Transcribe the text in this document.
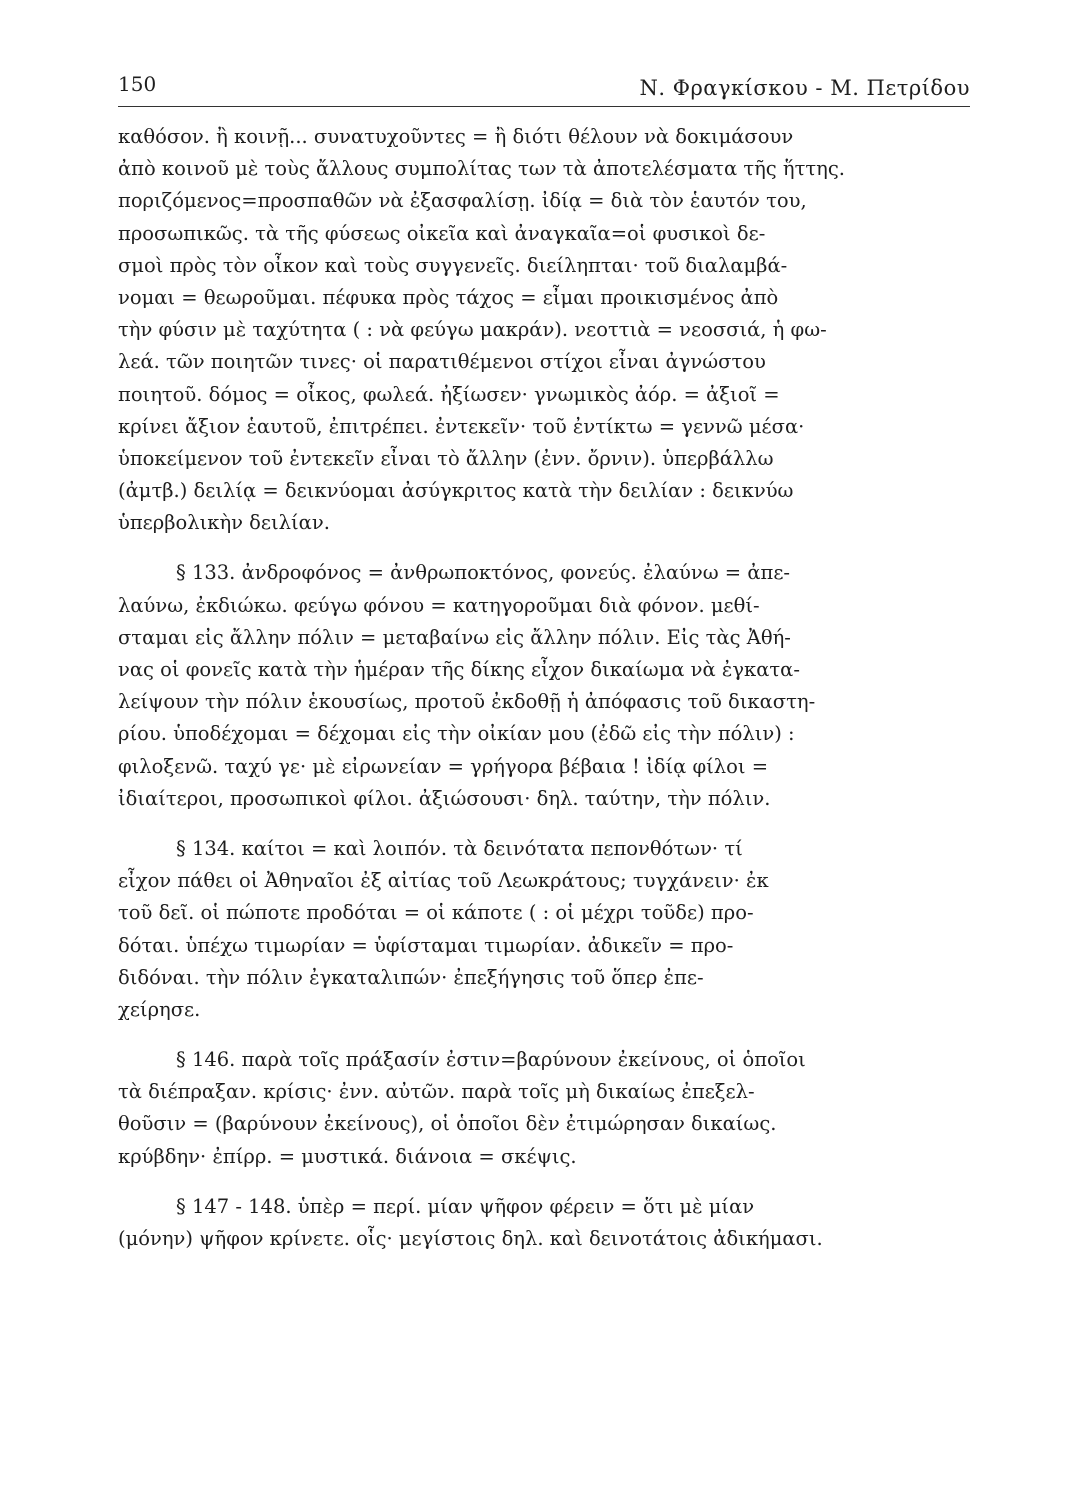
150	Ν. Φραγκίσκου - Μ. Πετρίδου
καθόσον. ἢ κοινῇ... συνατυχοῦντες = ἢ διότι θέλουν νὰ δοκιμάσουν
ἀπὸ κοινοῦ μὲ τοὺς ἄλλους συμπολίτας των τὰ ἀποτελέσματα τῆς ἥττης.
ποριζόμενος=προσπαθῶν νὰ ἐξασφαλίσῃ. ἰδίᾳ = διὰ τὸν ἑαυτόν του,
προσωπικῶς. τὰ τῆς φύσεως οἰκεῖα καὶ ἀναγκαῖα=οἱ φυσικοὶ δε-
σμοὶ πρὸς τὸν οἶκον καὶ τοὺς συγγενεῖς. διείληπται· τοῦ διαλαμβά-
νομαι = θεωροῦμαι. πέφυκα πρὸς τάχος = εἶμαι προικισμένος ἀπὸ
τὴν φύσιν μὲ ταχύτητα ( : νὰ φεύγω μακράν). νεοττιὰ = νεοσσιά, ἡ φω-
λεά. τῶν ποιητῶν τινες· οἱ παρατιθέμενοι στίχοι εἶναι ἀγνώστου
ποιητοῦ. δόμος = οἶκος, φωλεά. ἠξίωσεν· γνωμικὸς ἀόρ. = ἀξιοῖ =
κρίνει ἄξιον ἑαυτοῦ, ἐπιτρέπει. ἐντεκεῖν· τοῦ ἐντίκτω = γεννῶ μέσα·
ὑποκείμενον τοῦ ἐντεκεῖν εἶναι τὸ ἄλλην (ἐνν. ὄρνιν). ὑπερβάλλω
(ἀμτβ.) δειλίᾳ = δεικνύομαι ἀσύγκριτος κατὰ τὴν δειλίαν : δεικνύω
ὑπερβολικὴν δειλίαν.
§ 133. ἀνδροφόνος = ἀνθρωποκτόνος, φονεύς. ἐλαύνω = ἀπε-
λαύνω, ἐκδιώκω. φεύγω φόνου = κατηγοροῦμαι διὰ φόνον. μεθί-
σταμαι εἰς ἄλλην πόλιν = μεταβαίνω εἰς ἄλλην πόλιν. Εἰς τὰς Ἀθή-
νας οἱ φονεῖς κατὰ τὴν ἡμέραν τῆς δίκης εἶχον δικαίωμα νὰ ἐγκατα-
λείψουν τὴν πόλιν ἑκουσίως, προτοῦ ἐκδοθῇ ἡ ἀπόφασις τοῦ δικαστη-
ρίου. ὑποδέχομαι = δέχομαι εἰς τὴν οἰκίαν μου (ἐδῶ εἰς τὴν πόλιν) :
φιλοξενῶ. ταχύ γε· μὲ εἰρωνείαν = γρήγορα βέβαια ! ἰδίᾳ φίλοι =
ἰδιαίτεροι, προσωπικοὶ φίλοι. ἀξιώσουσι· δηλ. ταύτην, τὴν πόλιν.
§ 134. καίτοι = καὶ λοιπόν. τὰ δεινότατα πεπονθότων· τί
εἶχον πάθει οἱ Ἀθηναῖοι ἐξ αἰτίας τοῦ Λεωκράτους; τυγχάνειν· ἐκ
τοῦ δεῖ. οἱ πώποτε προδόται = οἱ κάποτε ( : οἱ μέχρι τοῦδε) προ-
δόται. ὑπέχω τιμωρίαν = ὑφίσταμαι τιμωρίαν. ἀδικεῖν = προ-
διδόναι. τὴν πόλιν ἐγκαταλιπών· ἐπεξήγησις τοῦ ὅπερ ἐπε-
χείρησε.
§ 146. παρὰ τοῖς πράξασίν ἐστιν=βαρύνουν ἐκείνους, οἱ ὁποῖοι
τὰ διέπραξαν. κρίσις· ἐνν. αὐτῶν. παρὰ τοῖς μὴ δικαίως ἐπεξελ-
θοῦσιν = (βαρύνουν ἐκείνους), οἱ ὁποῖοι δὲν ἐτιμώρησαν δικαίως.
κρύβδην· ἐπίρρ. = μυστικά. διάνοια = σκέψις.
§ 147 - 148. ὑπὲρ = περί. μίαν ψῆφον φέρειν = ὅτι μὲ μίαν
(μόνην) ψῆφον κρίνετε. οἷς· μεγίστοις δηλ. καὶ δεινοτάτοις ἀδικήμασι.
